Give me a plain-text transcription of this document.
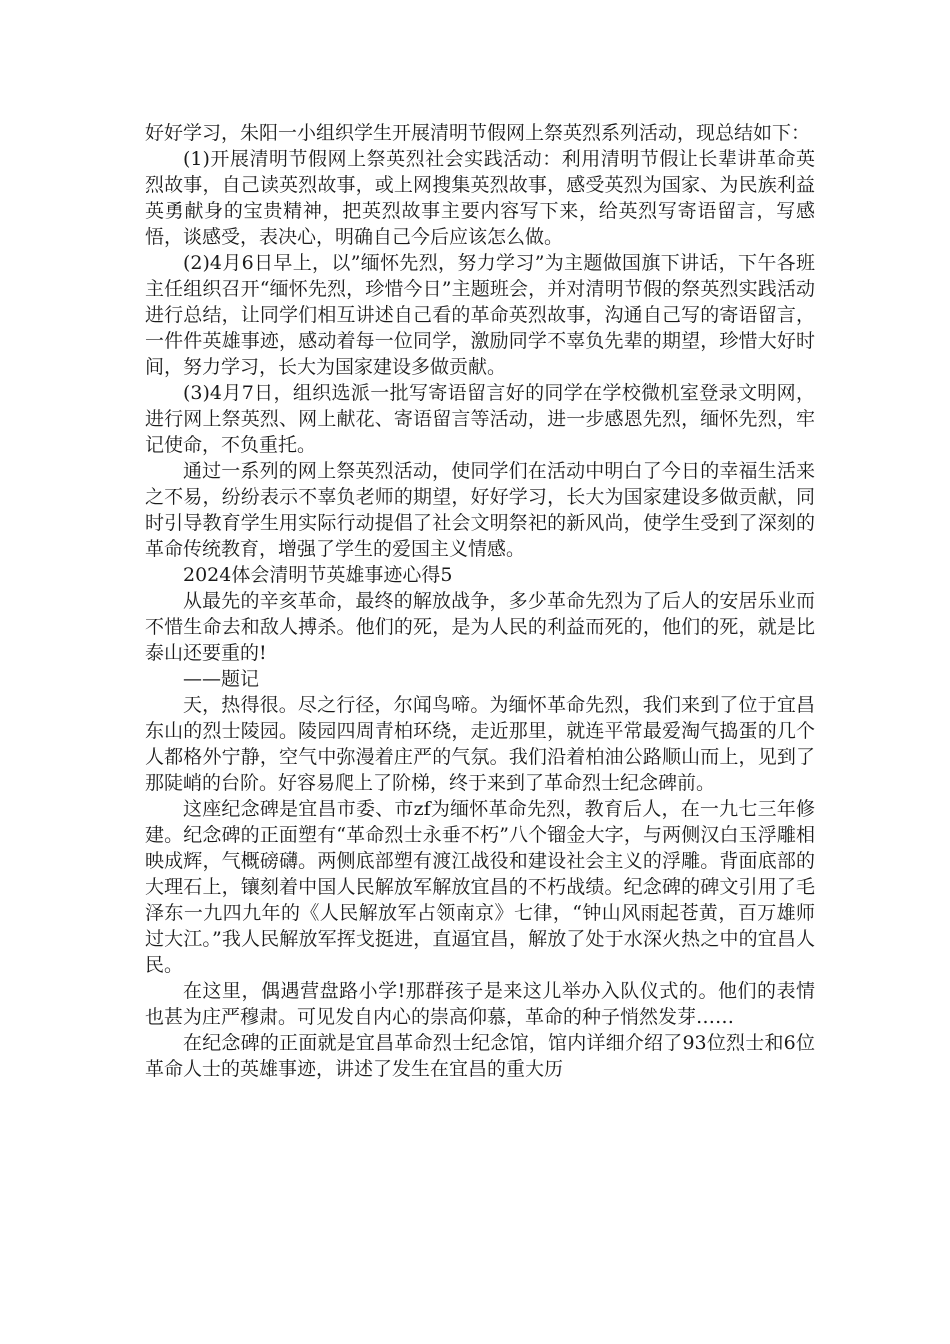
好好学习，朱阳一小组织学生开展清明节假网上祭英烈系列活动，现总结如下：

(1)开展清明节假网上祭英烈社会实践活动：利用清明节假让长辈讲革命英烈故事，自己读英烈故事，或上网搜集英烈故事，感受英烈为国家、为民族利益英勇献身的宝贵精神，把英烈故事主要内容写下来，给英烈写寄语留言，写感悟，谈感受，表决心，明确自己今后应该怎么做。

(2)4月6日早上，以”缅怀先烈，努力学习”为主题做国旗下讲话，下午各班主任组织召开“缅怀先烈，珍惜今日”主题班会，并对清明节假的祭英烈实践活动进行总结，让同学们相互讲述自己看的革命英烈故事，沟通自己写的寄语留言，一件件英雄事迹，感动着每一位同学，激励同学不辜负先辈的期望，珍惜大好时间，努力学习，长大为国家建设多做贡献。

(3)4月7日，组织选派一批写寄语留言好的同学在学校微机室登录文明网，进行网上祭英烈、网上献花、寄语留言等活动，进一步感恩先烈，缅怀先烈，牢记使命，不负重托。

通过一系列的网上祭英烈活动，使同学们在活动中明白了今日的幸福生活来之不易，纷纷表示不辜负老师的期望，好好学习，长大为国家建设多做贡献，同时引导教育学生用实际行动提倡了社会文明祭祀的新风尚，使学生受到了深刻的革命传统教育，增强了学生的爱国主义情感。

2024体会清明节英雄事迹心得5

从最先的辛亥革命，最终的解放战争，多少革命先烈为了后人的安居乐业而不惜生命去和敌人搏杀。他们的死，是为人民的利益而死的，他们的死，就是比泰山还要重的!

——题记

天，热得很。尽之行径，尔闻鸟啼。为缅怀革命先烈，我们来到了位于宜昌东山的烈士陵园。陵园四周青柏环绕，走近那里，就连平常最爱淘气捣蛋的几个人都格外宁静，空气中弥漫着庄严的气氛。我们沿着柏油公路顺山而上，见到了那陡峭的台阶。好容易爬上了阶梯，终于来到了革命烈士纪念碑前。

这座纪念碑是宜昌市委、市zf为缅怀革命先烈，教育后人，在一九七三年修建。纪念碑的正面塑有“革命烈士永垂不朽”八个镏金大字，与两侧汉白玉浮雕相映成辉，气概磅礴。两侧底部塑有渡江战役和建设社会主义的浮雕。背面底部的大理石上，镶刻着中国人民解放军解放宜昌的不朽战绩。纪念碑的碑文引用了毛泽东一九四九年的《人民解放军占领南京》七律，“钟山风雨起苍黄，百万雄师过大江。”我人民解放军挥戈挺进，直逼宜昌，解放了处于水深火热之中的宜昌人民。

在这里，偶遇营盘路小学!那群孩子是来这儿举办入队仪式的。他们的表情也甚为庄严穆肃。可见发自内心的崇高仰慕，革命的种子悄然发芽……

在纪念碑的正面就是宜昌革命烈士纪念馆，馆内详细介绍了93位烈士和6位革命人士的英雄事迹，讲述了发生在宜昌的重大历
